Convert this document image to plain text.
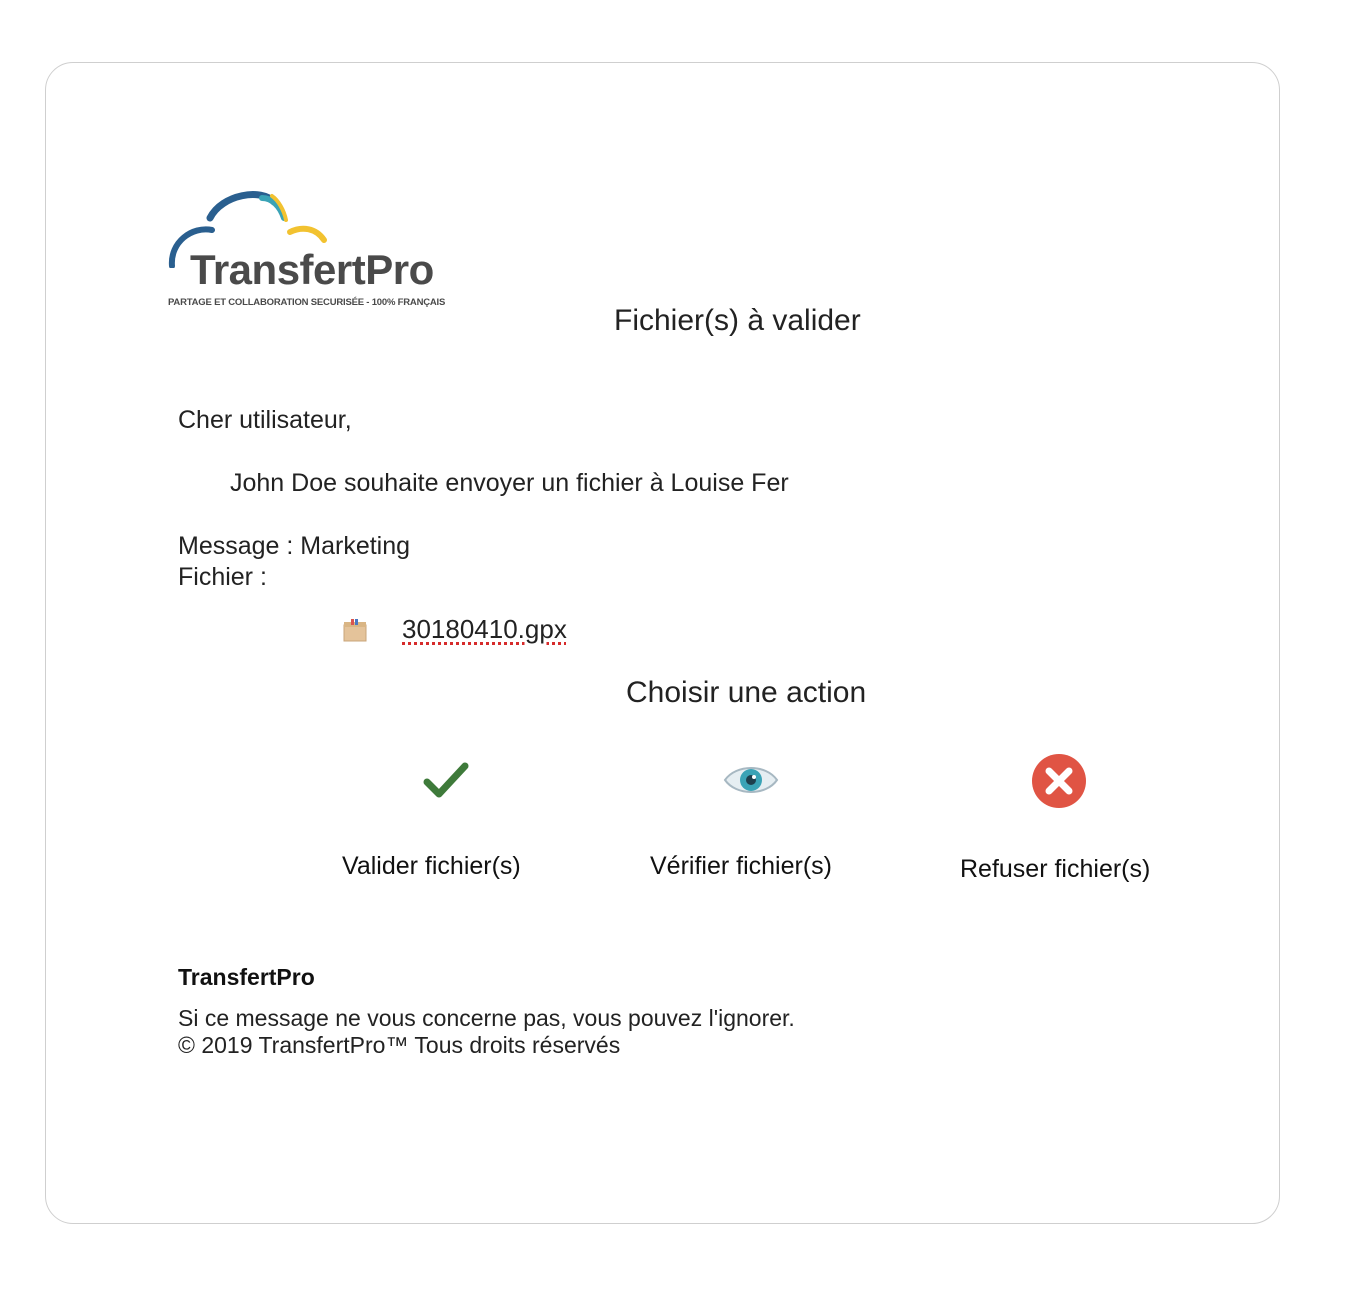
TransfertPro
PARTAGE ET COLLABORATION SECURISÉE - 100% FRANÇAIS
Fichier(s) à valider
Cher utilisateur,
John Doe souhaite envoyer un fichier à Louise Fer
Message : Marketing
Fichier :
30180410.gpx
Choisir une action
Valider fichier(s)	Vérifier fichier(s)	Refuser fichier(s)
TransfertPro
Si ce message ne vous concerne pas, vous pouvez l'ignorer.
© 2019 TransfertPro™ Tous droits réservés
